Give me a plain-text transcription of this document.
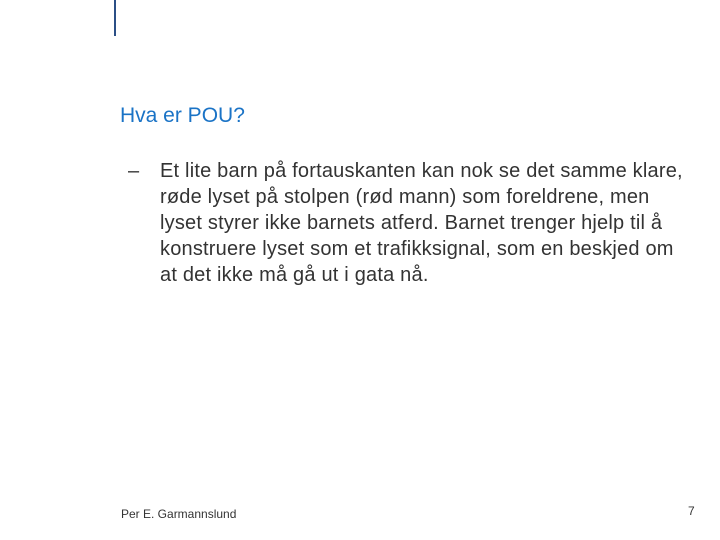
Hva er POU?
–	Et lite barn på fortauskanten kan nok se det samme klare, røde lyset på stolpen (rød mann) som foreldrene, men lyset styrer ikke barnets atferd. Barnet trenger hjelp til å konstruere lyset som et trafikksignal, som en beskjed om at det ikke må gå ut i gata nå.
Per E. Garmannslund	7
